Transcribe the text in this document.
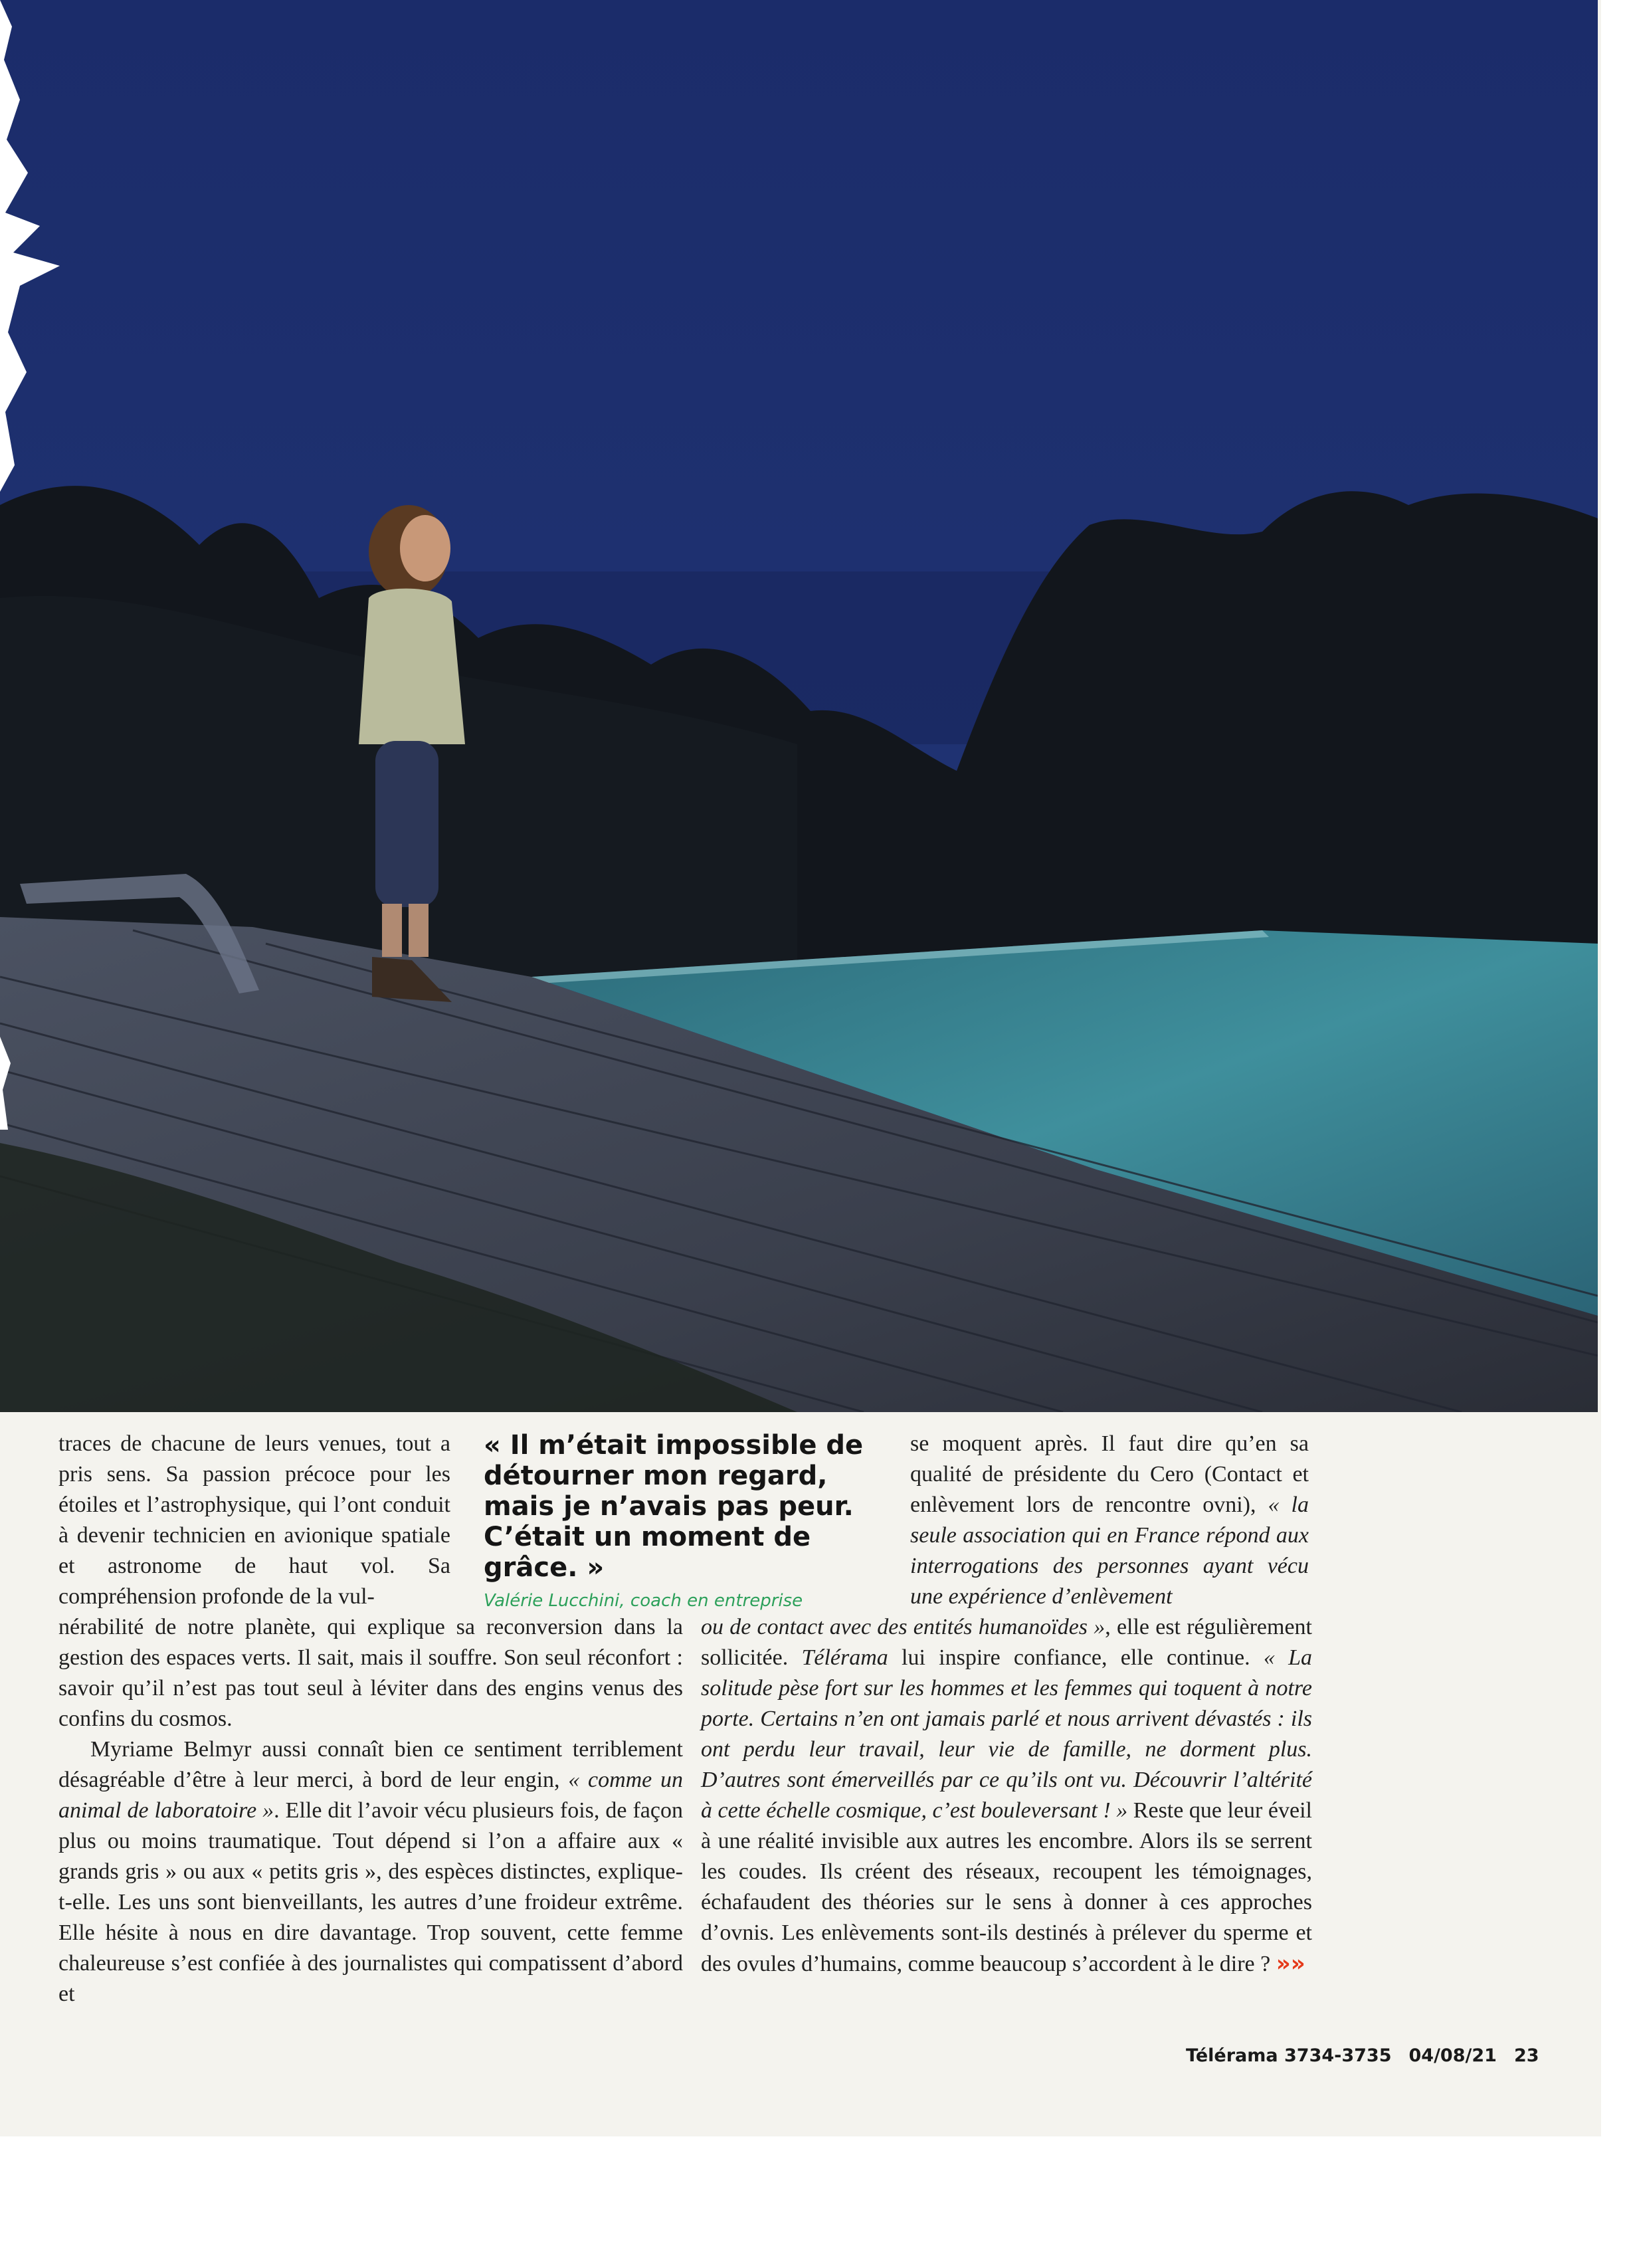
traces de chacune de leurs venues, tout a pris sens. Sa passion précoce pour les étoiles et l’astrophysique, qui l’ont conduit à devenir technicien en avionique spatiale et astronome de haut vol. Sa compréhension profonde de la vul-

« Il m’était impossible de détourner mon regard, mais je n’avais pas peur. C’était un moment de grâce. »

Valérie Lucchini, coach en entreprise

se moquent après. Il faut dire qu’en sa qualité de présidente du Cero (Contact et enlèvement lors de rencontre ovni), « la seule association qui en France répond aux interrogations des personnes ayant vécu une expérience d’enlèvement

nérabilité de notre planète, qui explique sa reconversion dans la gestion des espaces verts. Il sait, mais il souffre. Son seul réconfort : savoir qu’il n’est pas tout seul à léviter dans des engins venus des confins du cosmos.

Myriame Belmyr aussi connaît bien ce sentiment terriblement désagréable d’être à leur merci, à bord de leur engin, « comme un animal de laboratoire ». Elle dit l’avoir vécu plusieurs fois, de façon plus ou moins traumatique. Tout dépend si l’on a affaire aux « grands gris » ou aux « petits gris », des espèces distinctes, explique-t-elle. Les uns sont bienveillants, les autres d’une froideur extrême. Elle hésite à nous en dire davantage. Trop souvent, cette femme chaleureuse s’est confiée à des journalistes qui compatissent d’abord et

ou de contact avec des entités humanoïdes », elle est régulièrement sollicitée. Télérama lui inspire confiance, elle continue. « La solitude pèse fort sur les hommes et les femmes qui toquent à notre porte. Certains n’en ont jamais parlé et nous arrivent dévastés : ils ont perdu leur travail, leur vie de famille, ne dorment plus. D’autres sont émerveillés par ce qu’ils ont vu. Découvrir l’altérité à cette échelle cosmique, c’est bouleversant ! » Reste que leur éveil à une réalité invisible aux autres les encombre. Alors ils se serrent les coudes. Ils créent des réseaux, recoupent les témoignages, échafaudent des théories sur le sens à donner à ces approches d’ovnis. Les enlèvements sont-ils destinés à prélever du sperme et des ovules d’humains, comme beaucoup s’accordent à le dire ? »»

Télérama 3734-3735 04/08/21 23
